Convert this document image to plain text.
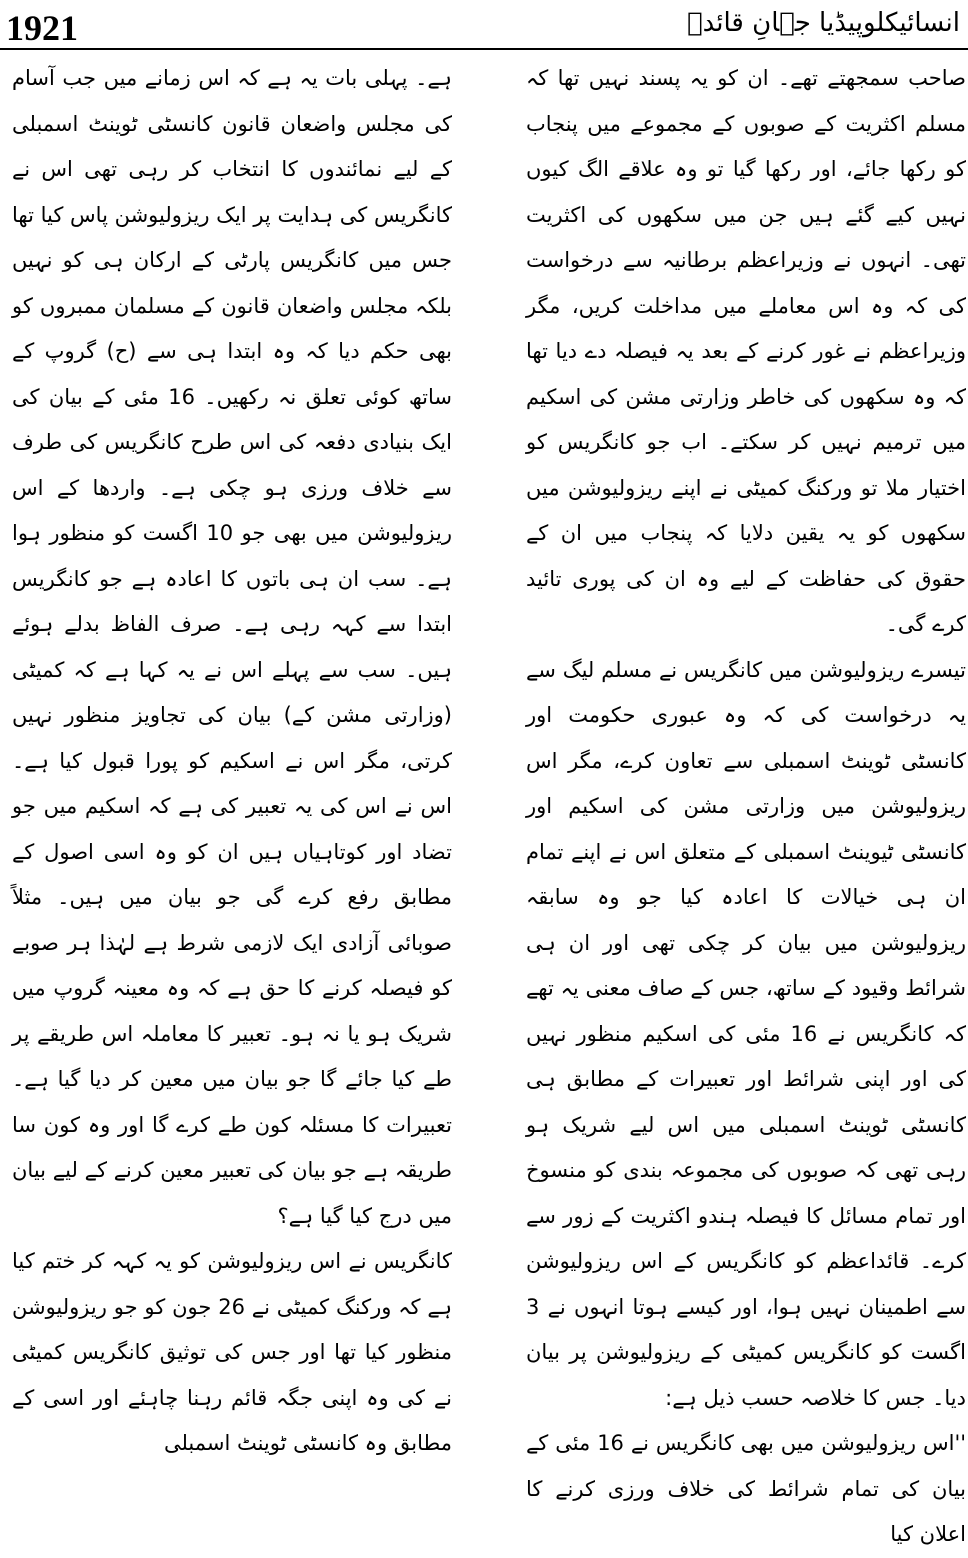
1921	انسائیکلوپیڈیا جہانِ قائدؒ

صاحب سمجھتے تھے۔ ان کو یہ پسند نہیں تھا کہ مسلم اکثریت کے صوبوں کے مجموعے میں پنجاب کو رکھا جائے، اور رکھا گیا تو وہ علاقے الگ کیوں نہیں کیے گئے ہیں جن میں سکھوں کی اکثریت تھی۔ انہوں نے وزیراعظم برطانیہ سے درخواست کی کہ وہ اس معاملے میں مداخلت کریں، مگر وزیراعظم نے غور کرنے کے بعد یہ فیصلہ دے دیا تھا کہ وہ سکھوں کی خاطر وزارتی مشن کی اسکیم میں ترمیم نہیں کر سکتے۔ اب جو کانگریس کو اختیار ملا تو ورکنگ کمیٹی نے اپنے ریزولیوشن میں سکھوں کو یہ یقین دلایا کہ پنجاب میں ان کے حقوق کی حفاظت کے لیے وہ ان کی پوری تائید کرے گی۔

تیسرے ریزولیوشن میں کانگریس نے مسلم لیگ سے یہ درخواست کی کہ وہ عبوری حکومت اور کانسٹی ٹوینٹ اسمبلی سے تعاون کرے، مگر اس ریزولیوشن میں وزارتی مشن کی اسکیم اور کانسٹی ٹیوینٹ اسمبلی کے متعلق اس نے اپنے تمام ان ہی خیالات کا اعادہ کیا جو وہ سابقہ ریزولیوشن میں بیان کر چکی تھی اور ان ہی شرائط وقیود کے ساتھ، جس کے صاف معنی یہ تھے کہ کانگریس نے 16 مئی کی اسکیم منظور نہیں کی اور اپنی شرائط اور تعبیرات کے مطابق ہی کانسٹی ٹوینٹ اسمبلی میں اس لیے شریک ہو رہی تھی کہ صوبوں کی مجموعہ بندی کو منسوخ اور تمام مسائل کا فیصلہ ہندو اکثریت کے زور سے کرے۔ قائداعظم کو کانگریس کے اس ریزولیوشن سے اطمینان نہیں ہوا، اور کیسے ہوتا انہوں نے 3 اگست کو کانگریس کمیٹی کے ریزولیوشن پر بیان دیا۔ جس کا خلاصہ حسب ذیل ہے:

''اس ریزولیوشن میں بھی کانگریس نے 16 مئی کے بیان کی تمام شرائط کی خلاف ورزی کرنے کا اعلان کیا

ہے۔ پہلی بات یہ ہے کہ اس زمانے میں جب آسام کی مجلس واضعان قانون کانسٹی ٹوینٹ اسمبلی کے لیے نمائندوں کا انتخاب کر رہی تھی اس نے کانگریس کی ہدایت پر ایک ریزولیوشن پاس کیا تھا جس میں کانگریس پارٹی کے ارکان ہی کو نہیں بلکہ مجلس واضعان قانون کے مسلمان ممبروں کو بھی حکم دیا کہ وہ ابتدا ہی سے (ح) گروپ کے ساتھ کوئی تعلق نہ رکھیں۔ 16 مئی کے بیان کی ایک بنیادی دفعہ کی اس طرح کانگریس کی طرف سے خلاف ورزی ہو چکی ہے۔ واردھا کے اس ریزولیوشن میں بھی جو 10 اگست کو منظور ہوا ہے۔ سب ان ہی باتوں کا اعادہ ہے جو کانگریس ابتدا سے کہہ رہی ہے۔ صرف الفاظ بدلے ہوئے ہیں۔ سب سے پہلے اس نے یہ کہا ہے کہ کمیٹی (وزارتی مشن کے) بیان کی تجاویز منظور نہیں کرتی، مگر اس نے اسکیم کو پورا قبول کیا ہے۔ اس نے اس کی یہ تعبیر کی ہے کہ اسکیم میں جو تضاد اور کوتاہیاں ہیں ان کو وہ اسی اصول کے مطابق رفع کرے گی جو بیان میں ہیں۔ مثلاً صوبائی آزادی ایک لازمی شرط ہے لہٰذا ہر صوبے کو فیصلہ کرنے کا حق ہے کہ وہ معینہ گروپ میں شریک ہو یا نہ ہو۔ تعبیر کا معاملہ اس طریقے پر طے کیا جائے گا جو بیان میں معین کر دیا گیا ہے۔ تعبیرات کا مسئلہ کون طے کرے گا اور وہ کون سا طریقہ ہے جو بیان کی تعبیر معین کرنے کے لیے بیان میں درج کیا گیا ہے؟

کانگریس نے اس ریزولیوشن کو یہ کہہ کر ختم کیا ہے کہ ورکنگ کمیٹی نے 26 جون کو جو ریزولیوشن منظور کیا تھا اور جس کی توثیق کانگریس کمیٹی نے کی وہ اپنی جگہ قائم رہنا چاہئے اور اسی کے مطابق وہ کانسٹی ٹوینٹ اسمبلی
